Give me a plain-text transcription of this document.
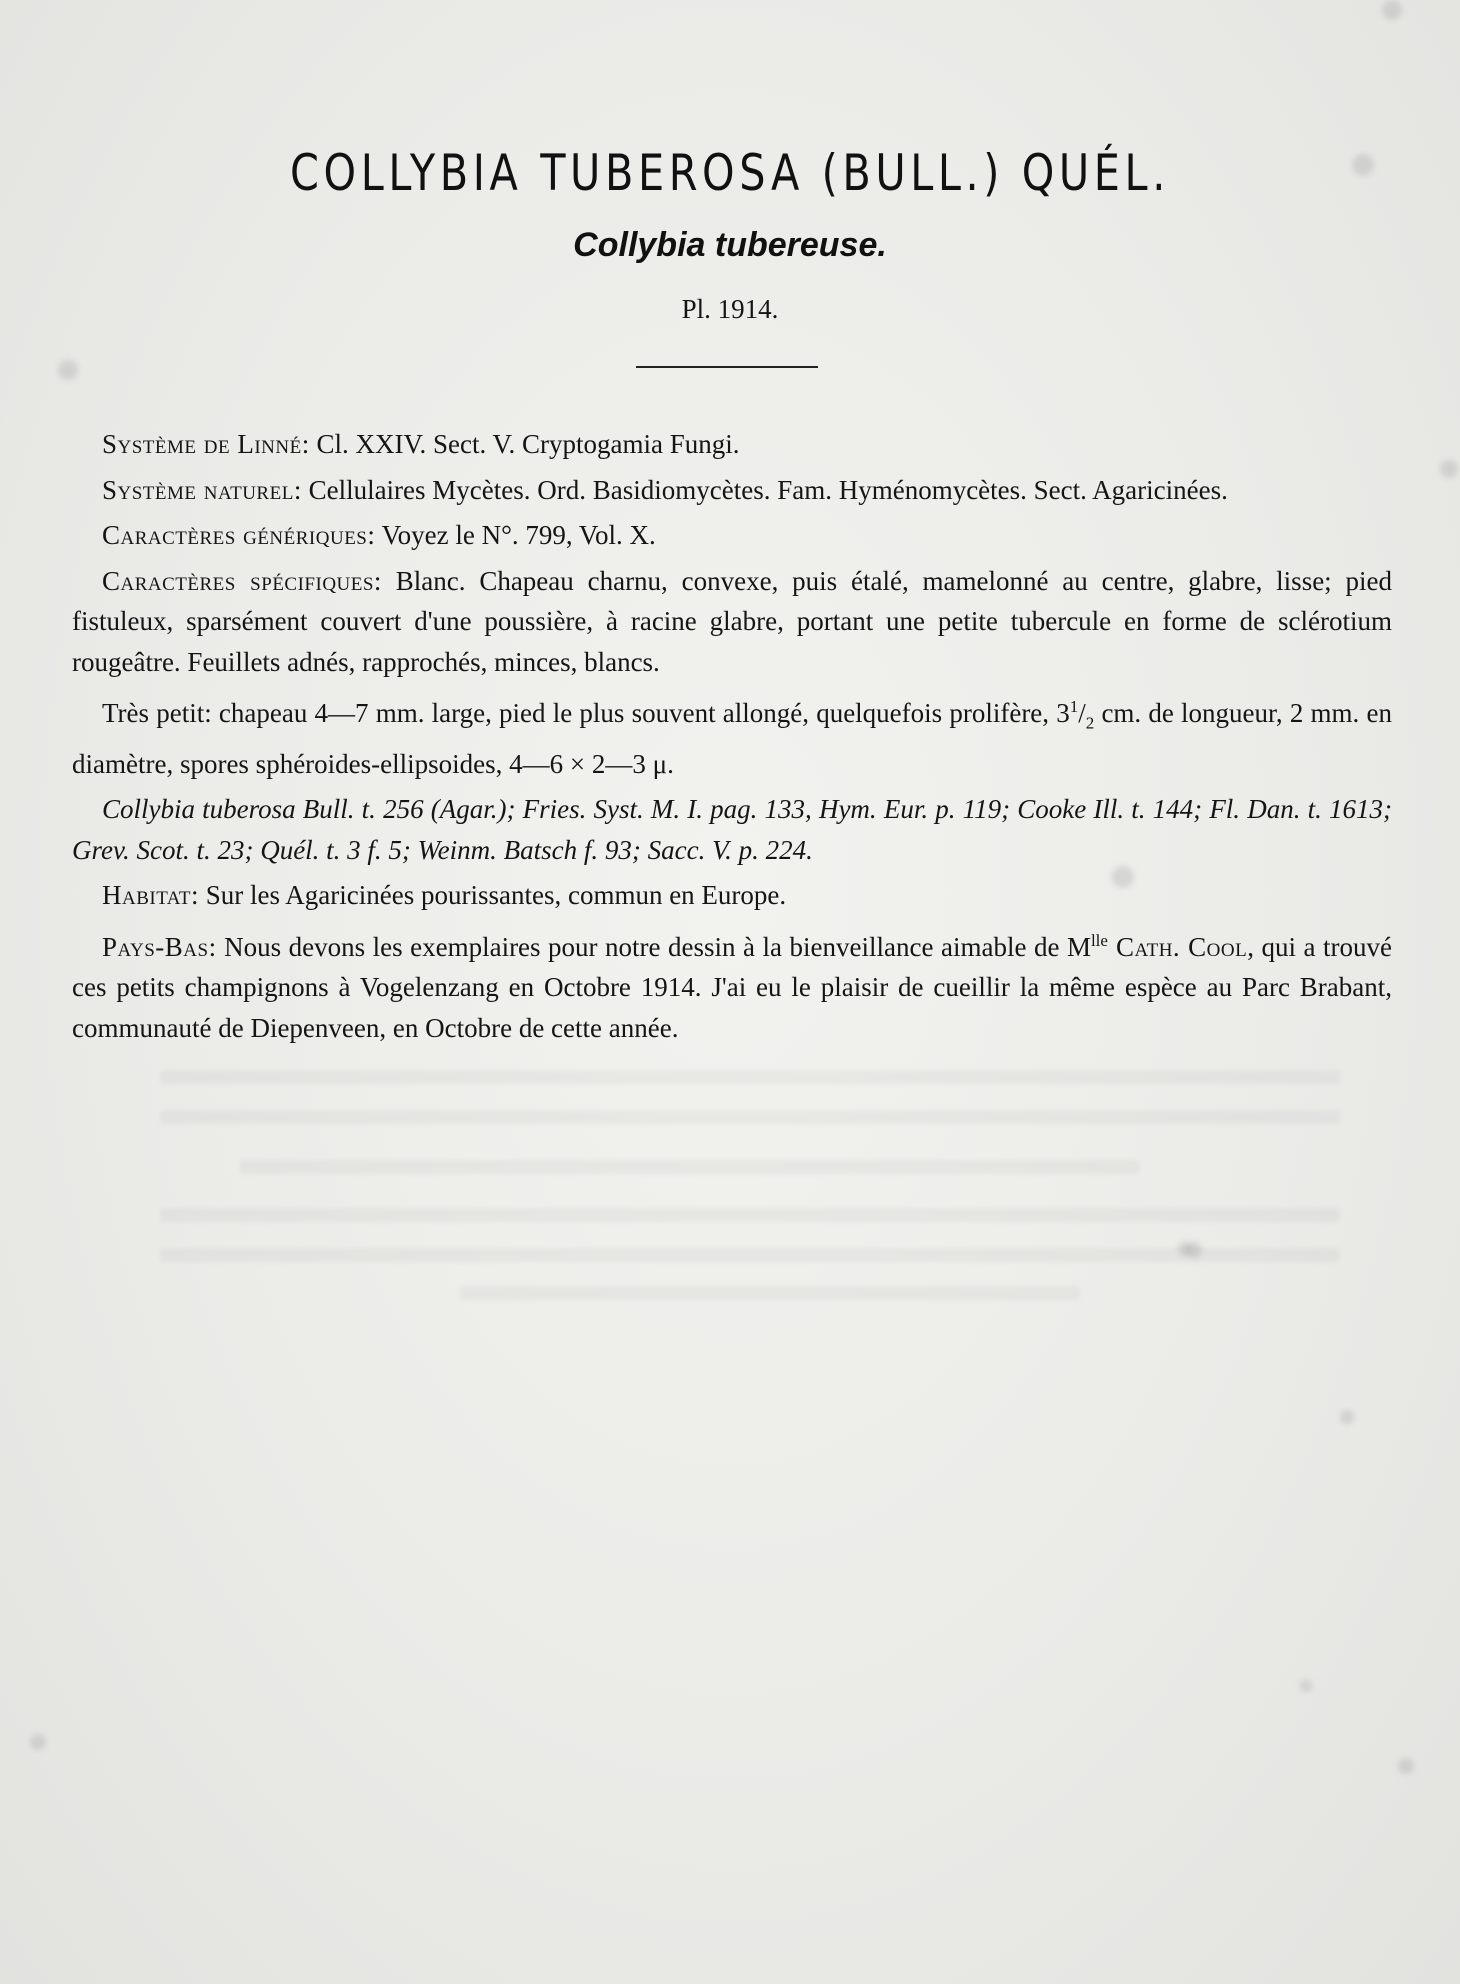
COLLYBIA TUBEROSA (BULL.) QUÉL.
Collybia tubereuse.
Pl. 1914.

Système de Linné: Cl. XXIV. Sect. V. Cryptogamia Fungi.

Système naturel: Cellulaires Mycètes. Ord. Basidiomycètes. Fam. Hyménomycètes. Sect. Agaricinées.

Caractères génériques: Voyez le N°. 799, Vol. X.

Caractères spécifiques: Blanc. Chapeau charnu, convexe, puis étalé, mamelonné au centre, glabre, lisse; pied fistuleux, sparsément couvert d'une poussière, à racine glabre, portant une petite tubercule en forme de sclérotium rougeâtre. Feuillets adnés, rapprochés, minces, blancs.

Très petit: chapeau 4—7 mm. large, pied le plus souvent allongé, quelquefois prolifère, $3^1/_2$ cm. de longueur, 2 mm. en diamètre, spores sphéroides-ellipsoides, 4—6 × 2—3 μ.

Collybia tuberosa Bull. t. 256 (Agar.); Fries. Syst. M. I. pag. 133, Hym. Eur. p. 119; Cooke Ill. t. 144; Fl. Dan. t. 1613; Grev. Scot. t. 23; Quél. t. 3 f. 5; Weinm. Batsch f. 93; Sacc. V. p. 224.

Habitat: Sur les Agaricinées pourissantes, commun en Europe.

Pays-Bas: Nous devons les exemplaires pour notre dessin à la bienveillance aimable de $M^{lle}$ Cath. Cool, qui a trouvé ces petits champignons à Vogelenzang en Octobre 1914. J'ai eu le plaisir de cueillir la même espèce au Parc Brabant, communauté de Diepenveen, en Octobre de cette année.
